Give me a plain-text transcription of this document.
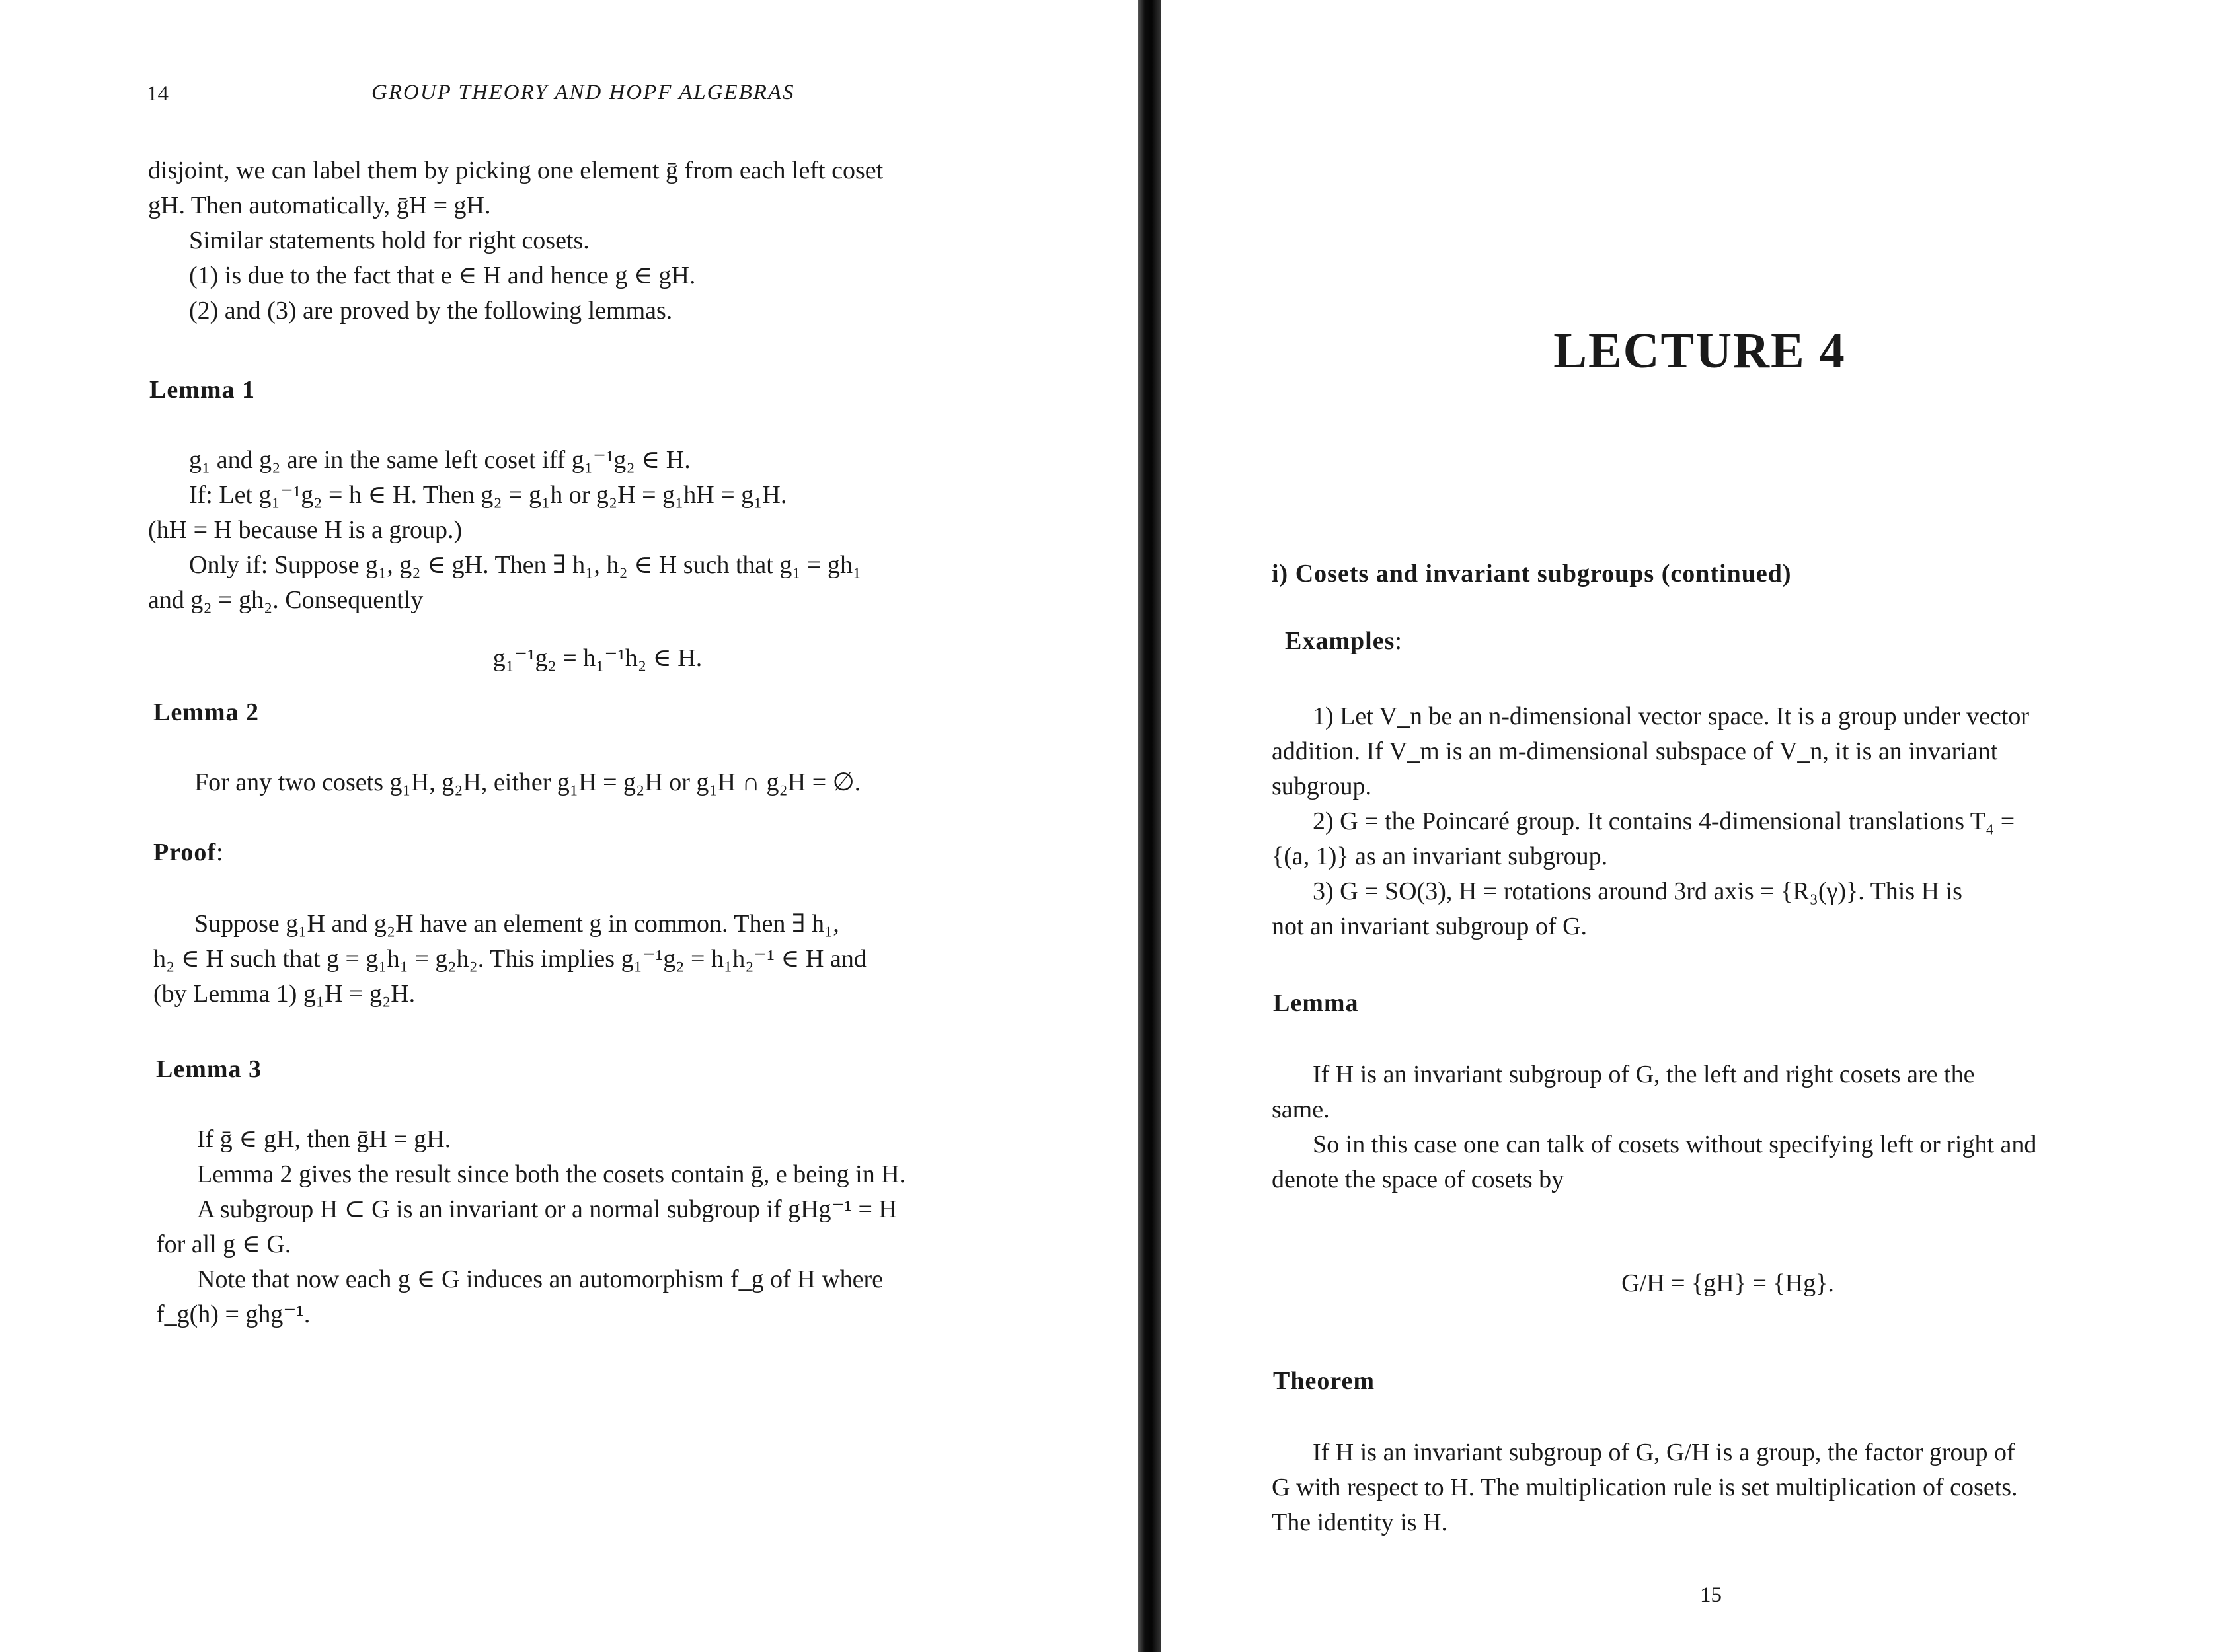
14	GROUP THEORY AND HOPF ALGEBRAS
disjoint, we can label them by picking one element ḡ from each left coset
gH. Then automatically, ḡH = gH.
Similar statements hold for right cosets.
(1) is due to the fact that e ∈ H and hence g ∈ gH.
(2) and (3) are proved by the following lemmas.
Lemma 1
g₁ and g₂ are in the same left coset iff g₁⁻¹g₂ ∈ H.
If: Let g₁⁻¹g₂ = h ∈ H. Then g₂ = g₁h or g₂H = g₁hH = g₁H.
(hH = H because H is a group.)
Only if: Suppose g₁, g₂ ∈ gH. Then ∃ h₁, h₂ ∈ H such that g₁ = gh₁
and g₂ = gh₂. Consequently
g₁⁻¹g₂ = h₁⁻¹h₂ ∈ H.
Lemma 2
For any two cosets g₁H, g₂H, either g₁H = g₂H or g₁H ∩ g₂H = ∅.
Proof:
Suppose g₁H and g₂H have an element g in common. Then ∃ h₁,
h₂ ∈ H such that g = g₁h₁ = g₂h₂. This implies g₁⁻¹g₂ = h₁h₂⁻¹ ∈ H and
(by Lemma 1) g₁H = g₂H.
Lemma 3
If ḡ ∈ gH, then ḡH = gH.
Lemma 2 gives the result since both the cosets contain ḡ, e being in H.
A subgroup H ⊂ G is an invariant or a normal subgroup if gHg⁻¹ = H
for all g ∈ G.
Note that now each g ∈ G induces an automorphism f_g of H where
f_g(h) = ghg⁻¹.
LECTURE 4
i) Cosets and invariant subgroups (continued)
Examples:
1) Let V_n be an n-dimensional vector space. It is a group under vector
addition. If V_m is an m-dimensional subspace of V_n, it is an invariant
subgroup.
2) G = the Poincaré group. It contains 4-dimensional translations T₄ =
{(a, 1)} as an invariant subgroup.
3) G = SO(3), H = rotations around 3rd axis = {R₃(γ)}. This H is
not an invariant subgroup of G.
Lemma
If H is an invariant subgroup of G, the left and right cosets are the
same.
So in this case one can talk of cosets without specifying left or right and
denote the space of cosets by
G/H = {gH} = {Hg}.
Theorem
If H is an invariant subgroup of G, G/H is a group, the factor group of
G with respect to H. The multiplication rule is set multiplication of cosets.
The identity is H.
15
